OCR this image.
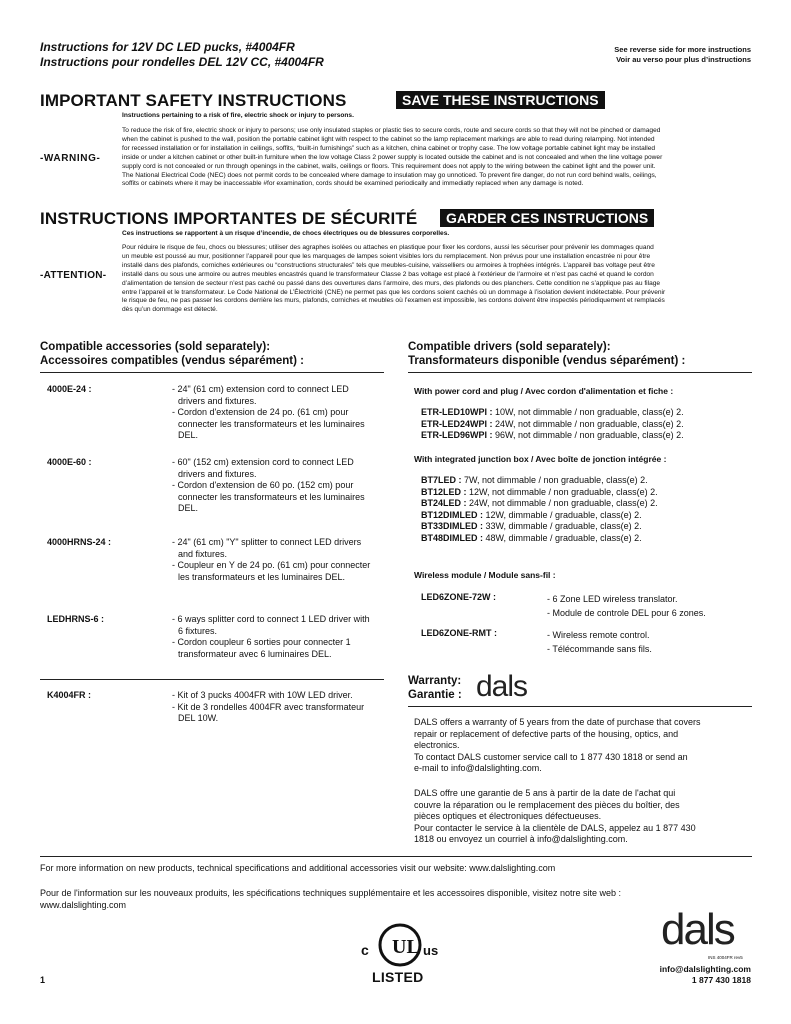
Instructions for 12V DC LED pucks, #4004FR
Instructions pour rondelles DEL 12V CC, #4004FR
See reverse side for more instructions
Voir au verso pour plus d’instructions
IMPORTANT SAFETY INSTRUCTIONS	SAVE THESE INSTRUCTIONS
Instructions pertaining to a risk of fire, electric shock or injury to persons.
-WARNING-
To reduce the risk of fire, electric shock or injury to persons; use only insulated staples or plastic ties to secure cords, route and secure cords so that they will not be pinched or damaged
when the cabinet is pushed to the wall, position the portable cabinet light with respect to the cabinet so the lamp replacement markings are able to read during relamping. Not intended
for recessed installation or for installation in ceilings, soffits, “built-in furnishings” such as a kitchen, china cabinet or trophy case. The low voltage portable cabinet light may be installed
inside or under a kitchen cabinet or other built-in furniture when the low voltage Class 2 power supply is located outside the cabinet and is not concealed and when the line voltage power
supply cord is not concealed or run through openings in the cabinet, walls, ceilings or floors. This requirement does not apply to the wiring between the cabinet light and the power unit.
The National Electrical Code (NEC) does not permit cords to be concealed where damage to insulation may go unnoticed. To prevent fire danger, do not run cord behind walls, ceilings,
soffits or cabinets where it may be inaccessable #for examination, cords should be examined periodically and immediatly replaced when any damage is noted.
INSTRUCTIONS IMPORTANTES DE SÉCURITÉ	GARDER CES INSTRUCTIONS
Ces instructions se rapportent à un risque d’incendie, de chocs électriques ou de blessures corporelles.
-ATTENTION-
Pour réduire le risque de feu, chocs ou blessures; utiliser des agraphes isolées ou attaches en plastique pour fixer les cordons, aussi les sécuriser pour prévenir les dommages quand
un meuble est poussé au mur, positionner l’appareil pour que les marquages de lampes soient visibles lors du remplacement. Non prévus pour une installation encastrée ni pour être
installé dans des plafonds, corniches extérieures ou “constructions structurales” tels que meubles-cuisine, vaisselliers ou armoires à trophées intégrés. L’appareil bas voltage peut être
installé dans ou sous une armoire ou autres meubles encastrés quand le transformateur Classe 2 bas voltage est placé à l’extérieur de l’armoire et n’est pas caché et quand le cordon
d’alimentation de tension de secteur n’est pas caché ou passé dans des ouvertures dans l’armoire, des murs, des plafonds ou des planchers. Cette condition ne s’applique pas au filage
entre l’appareil et le transformateur. Le Code National de L’Électricité (CNE) ne permet pas que les cordons soient cachés où un dommage à l’isolation devient indétectable. Pour prévenir
le risque de feu, ne pas passer les cordons derrière les murs, plafonds, corniches et meubles où l’examen est impossible, les cordons doivent être inspectés périodiquement et remplacés
dès qu’un dommage est détecté.
Compatible accessories (sold separately):
Accessoires compatibles (vendus séparément) :
4000E-24 :	- 24" (61 cm) extension cord to connect LED drivers and fixtures.
- Cordon d'extension de 24 po. (61 cm) pour connecter les transformateurs et les luminaires DEL.
4000E-60 :	- 60" (152 cm) extension cord to connect LED drivers and fixtures.
- Cordon d'extension de 60 po. (152 cm) pour connecter les transformateurs et les luminaires DEL.
4000HRNS-24 :	- 24" (61 cm) "Y" splitter to connect LED drivers and fixtures.
- Coupleur en Y de 24 po. (61 cm) pour connecter les transformateurs et les luminaires DEL.
LEDHRNS-6 :	- 6 ways splitter cord to connect 1 LED driver with 6 fixtures.
- Cordon coupleur 6 sorties pour connecter 1 transformateur avec 6 luminaires DEL.
K4004FR :	- Kit of 3 pucks 4004FR with 10W LED driver.
- Kit de 3 rondelles 4004FR avec transformateur DEL 10W.
Compatible drivers (sold separately):
Transformateurs disponible (vendus séparément) :
With power cord and plug / Avec cordon d'alimentation et fiche :
ETR-LED10WPI : 10W, not dimmable / non graduable, class(e) 2.
ETR-LED24WPI : 24W, not dimmable / non graduable, class(e) 2.
ETR-LED96WPI : 96W, not dimmable / non graduable, class(e) 2.
With integrated junction box / Avec boîte de jonction intégrée :
BT7LED : 7W, not dimmable / non graduable, class(e) 2.
BT12LED : 12W, not dimmable / non graduable, class(e) 2.
BT24LED : 24W, not dimmable / non graduable, class(e) 2.
BT12DIMLED : 12W, dimmable / graduable, class(e) 2.
BT33DIMLED : 33W, dimmable / graduable, class(e) 2.
BT48DIMLED : 48W, dimmable / graduable, class(e) 2.
Wireless module / Module sans-fil :
LED6ZONE-72W :	- 6 Zone LED wireless translator.
- Module de controle DEL pour 6 zones.
LED6ZONE-RMT :	- Wireless remote control.
- Télécommande sans fils.
Warranty:
Garantie : dals
DALS offers a warranty of 5 years from the date of purchase that covers
repair or replacement of defective parts of the housing, optics, and
electronics.
To contact DALS customer service call to 1 877 430 1818 or send an
e-mail to info@dalslighting.com.
DALS offre une garantie de 5 ans à partir de la date de l'achat qui
couvre la réparation ou le remplacement des pièces du boîtier, des
pièces optiques et électroniques défectueuses.
Pour contacter le service à la clientèle de DALS, appelez au 1 877 430
1818 ou envoyez un courriel à info@dalslighting.com.
For more information on new products, technical specifications and additional accessories visit our website: www.dalslighting.com
Pour de l'information sur les nouveaux produits, les spécifications techniques supplémentaire et les accessoires disponible, visitez notre site web :
www.dalslighting.com
UL
c	us
LISTED
1
dals
INS 4004FR rev5
info@dalslighting.com
1 877 430 1818
